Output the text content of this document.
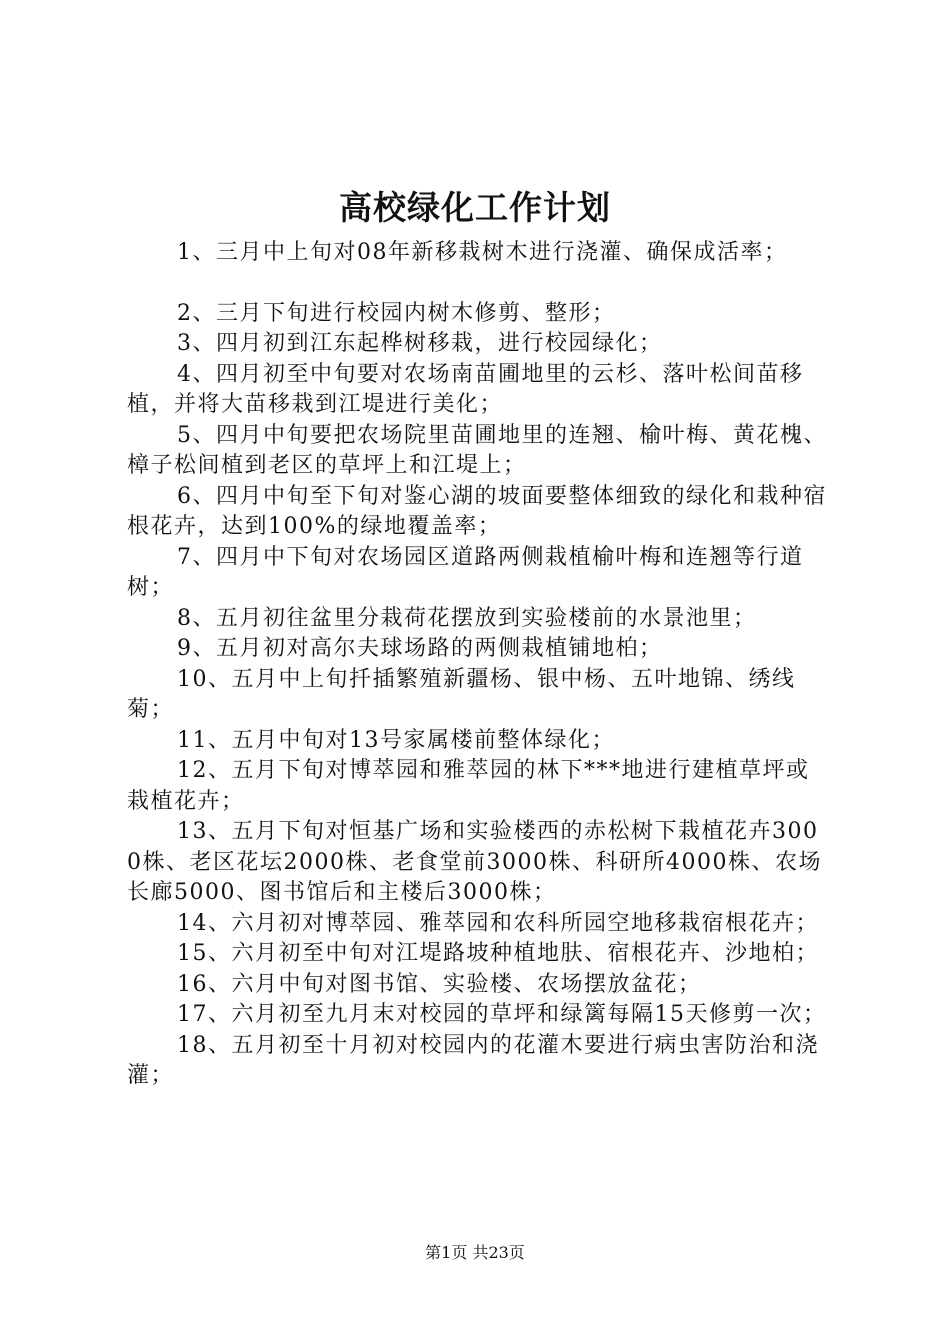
高校绿化工作计划

1、三月中上旬对08年新移栽树木进行浇灌、确保成活率；

2、三月下旬进行校园内树木修剪、整形；

3、四月初到江东起桦树移栽，进行校园绿化；

4、四月初至中旬要对农场南苗圃地里的云杉、落叶松间苗移植，并将大苗移栽到江堤进行美化；

5、四月中旬要把农场院里苗圃地里的连翘、榆叶梅、黄花槐、樟子松间植到老区的草坪上和江堤上；

6、四月中旬至下旬对鉴心湖的坡面要整体细致的绿化和栽种宿根花卉，达到100%的绿地覆盖率；

7、四月中下旬对农场园区道路两侧栽植榆叶梅和连翘等行道树；

8、五月初往盆里分栽荷花摆放到实验楼前的水景池里；

9、五月初对高尔夫球场路的两侧栽植铺地柏；

10、五月中上旬扦插繁殖新疆杨、银中杨、五叶地锦、绣线菊；

11、五月中旬对13号家属楼前整体绿化；

12、五月下旬对博萃园和雅萃园的林下***地进行建植草坪或栽植花卉；

13、五月下旬对恒基广场和实验楼西的赤松树下栽植花卉3000株、老区花坛2000株、老食堂前3000株、科研所4000株、农场长廊5000、图书馆后和主楼后3000株；

14、六月初对博萃园、雅萃园和农科所园空地移栽宿根花卉；

15、六月初至中旬对江堤路坡种植地肤、宿根花卉、沙地柏；

16、六月中旬对图书馆、实验楼、农场摆放盆花；

17、六月初至九月末对校园的草坪和绿篱每隔15天修剪一次；

18、五月初至十月初对校园内的花灌木要进行病虫害防治和浇灌；

第1页 共23页
